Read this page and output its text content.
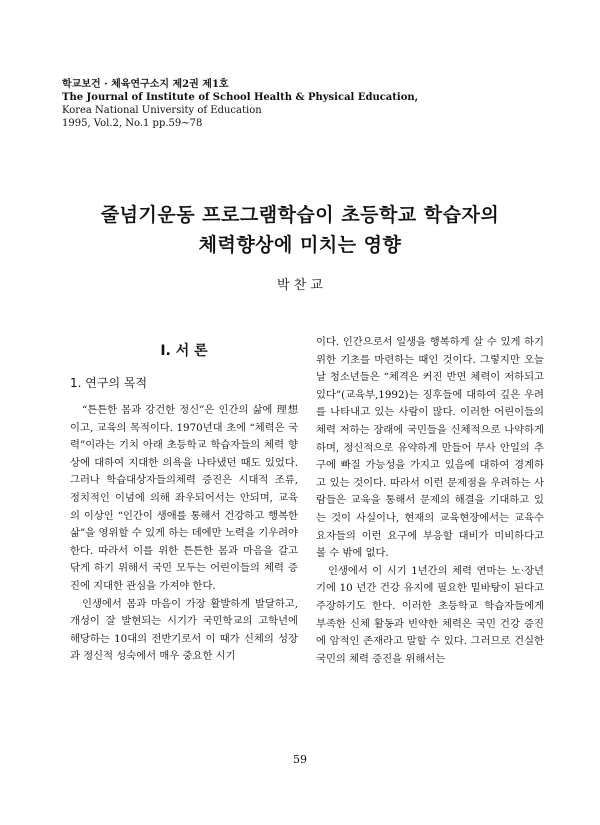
학교보건 · 체육연구소지 제2권 제1호
The Journal of Institute of School Health & Physical Education,
Korea National University of Education
1995, Vol.2, No.1 pp.59∼78
줄넘기운동 프로그램학습이 초등학교 학습자의
체력향상에 미치는 영향
박 찬 교
Ⅰ. 서 론
1. 연구의 목적

“튼튼한 몸과 강건한 정신”은 인간의 삶에 理想이고, 교육의 목적이다. 1970년대 초에 “체력은 국력”이라는 기치 아래 초등학교 학습자들의 체력 향상에 대하여 지대한 의욕을 나타냈던 때도 있었다. 그러나 학습대상자들의체력 증진은 시대적 조류, 정치적인 이념에 의해 좌우되어서는 안되며, 교육의 이상인 “인간이 생애를 통해서 건강하고 행복한 삶”을 영위할 수 있게 하는 데에만 노력을 기우려야 한다. 따라서 이를 위한 튼튼한 몸과 마음을 갈고 닦게 하기 위해서 국민 모두는 어린이들의 체력 증진에 지대한 관심을 가져야 한다.

인생에서 몸과 마음이 가장 활발하게 발달하고, 개성이 잘 발현되는 시기가 국민학교의 고학년에 해당하는 10대의 전반기로서 이 때가 신체의 성장과 정신적 성숙에서 매우 중요한 시기

이다. 인간으로서 일생을 행복하게 살 수 있게 하기 위한 기초를 마련하는 때인 것이다. 그렇지만 오늘날 청소년들은 “체격은 커진 반면 체력이 저하되고 있다”(교육부,1992)는 징후들에 대하여 깊은 우려를 나타내고 있는 사람이 많다. 이러한 어린이들의 체력 저하는 장래에 국민들을 신체적으로 나약하게 하며, 정신적으로 유약하게 만들어 무사 안일의 추구에 빠질 가능성을 가지고 있음에 대하여 경계하고 있는 것이다. 따라서 이런 문제점을 우려하는 사람들은 교육을 통해서 문제의 해결을 기대하고 있는 것이 사실이나, 현재의 교육현장에서는 교육수요자들의 이런 요구에 부응할 대비가 미비하다고 볼 수 밖에 없다.

인생에서 이 시기 1년간의 체력 연마는 노·장년기에 10 년간 건강 유지에 필요한 밑바탕이 된다고 주장하기도 한다. 이러한 초등학교 학습자들에게 부족한 신체 활동과 빈약한 체력은 국민 건강 증진에 암적인 존재라고 말할 수 있다. 그러므로 건실한 국민의 체력 증진을 위해서는

59
